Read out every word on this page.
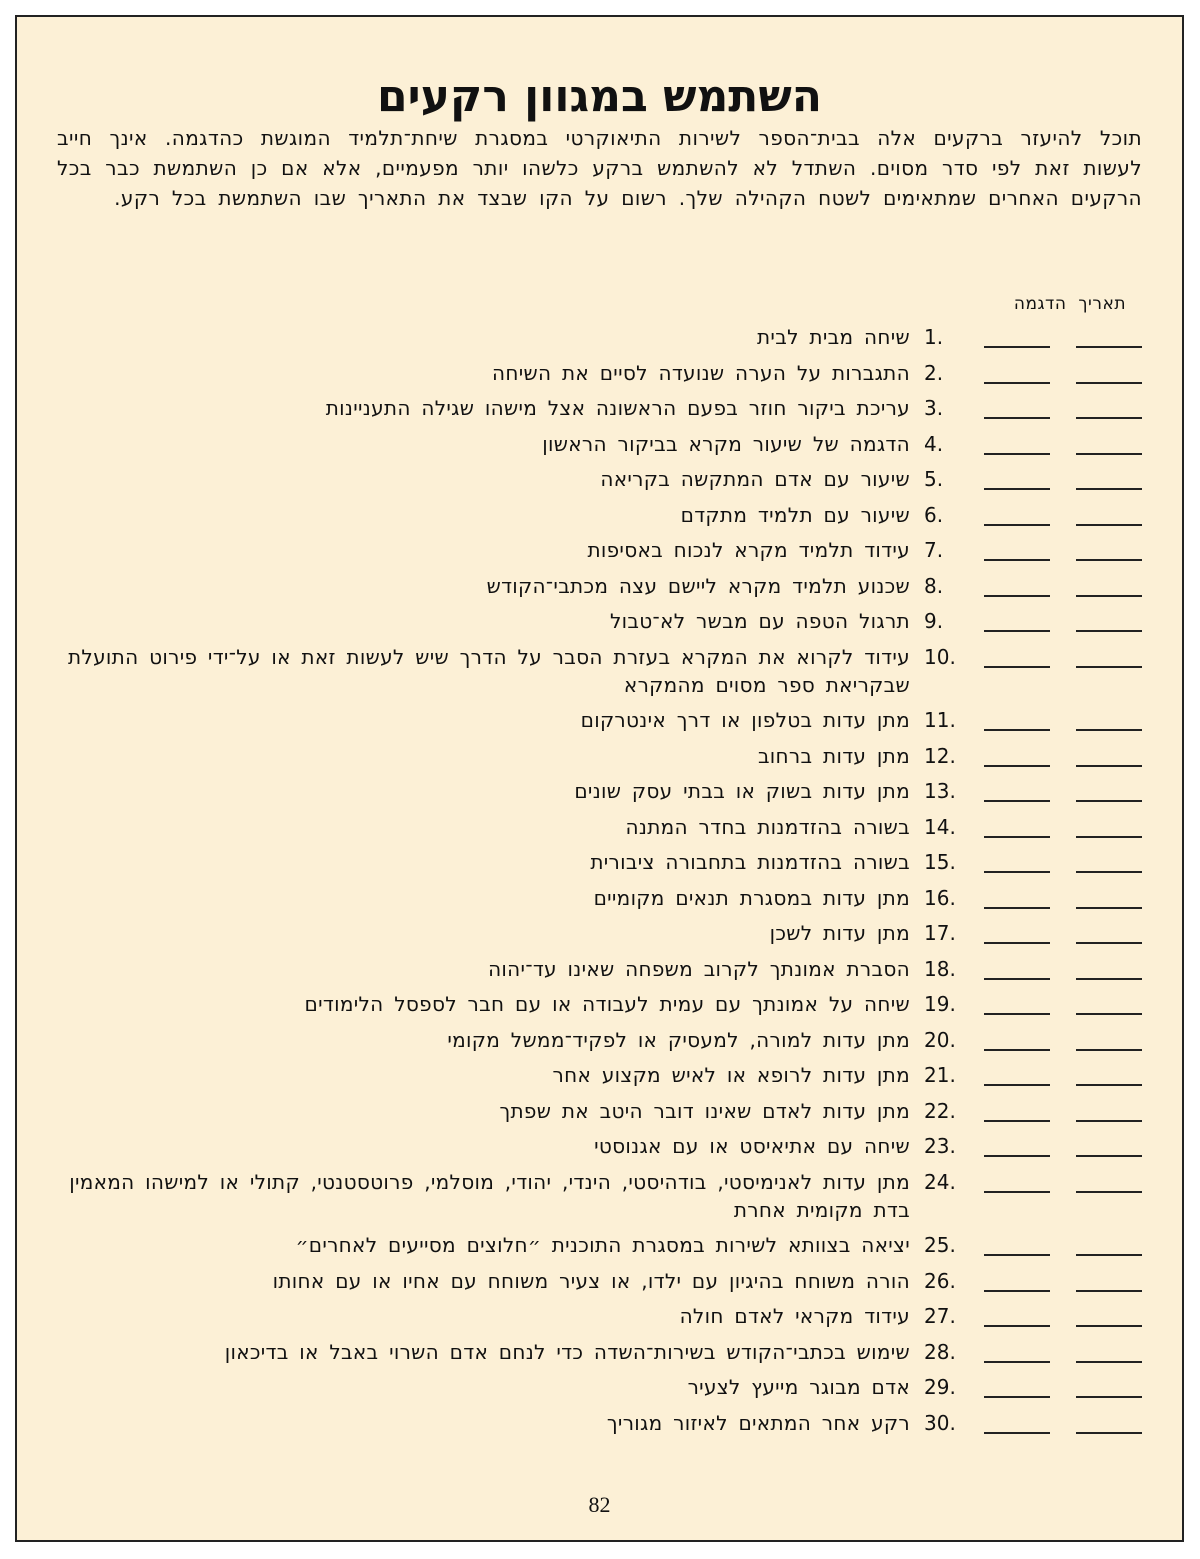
השתמש במגוון רקעים

תוכל להיעזר ברקעים אלה בבית־הספר לשירות התיאוקרטי במסגרת שיחת־תלמיד המוגשת כהדגמה. אינך חייב לעשות זאת לפי סדר מסוים. השתדל לא להשתמש ברקע כלשהו יותר מפעמיים, אלא אם כן השתמשת כבר בכל הרקעים האחרים שמתאימים לשטח הקהילה שלך. רשום על הקו שבצד את התאריך שבו השתמשת בכל רקע.

תאריך
הדגמה
1.
שיחה מבית לבית
2.
התגברות על הערה שנועדה לסיים את השיחה
3.
עריכת ביקור חוזר בפעם הראשונה אצל מישהו שגילה התעניינות
4.
הדגמה של שיעור מקרא בביקור הראשון
5.
שיעור עם אדם המתקשה בקריאה
6.
שיעור עם תלמיד מתקדם
7.
עידוד תלמיד מקרא לנכוח באסיפות
8.
שכנוע תלמיד מקרא ליישם עצה מכתבי־הקודש
9.
תרגול הטפה עם מבשר לא־טבול
10.
עידוד לקרוא את המקרא בעזרת הסבר על הדרך שיש לעשות זאת או על־ידי פירוט התועלת שבקריאת ספר מסוים מהמקרא
11.
מתן עדות בטלפון או דרך אינטרקום
12.
מתן עדות ברחוב
13.
מתן עדות בשוק או בבתי עסק שונים
14.
בשורה בהזדמנות בחדר המתנה
15.
בשורה בהזדמנות בתחבורה ציבורית
16.
מתן עדות במסגרת תנאים מקומיים
17.
מתן עדות לשכן
18.
הסברת אמונתך לקרוב משפחה שאינו עד־יהוה
19.
שיחה על אמונתך עם עמית לעבודה או עם חבר לספסל הלימודים
20.
מתן עדות למורה, למעסיק או לפקיד־ממשל מקומי
21.
מתן עדות לרופא או לאיש מקצוע אחר
22.
מתן עדות לאדם שאינו דובר היטב את שפתך
23.
שיחה עם אתיאיסט או עם אגנוסטי
24.
מתן עדות לאנימיסטי, בודהיסטי, הינדי, יהודי, מוסלמי, פרוטסטנטי, קתולי או למישהו המאמין בדת מקומית אחרת
25.
יציאה בצוותא לשירות במסגרת התוכנית ״חלוצים מסייעים לאחרים״
26.
הורה משוחח בהיגיון עם ילדו, או צעיר משוחח עם אחיו או עם אחותו
27.
עידוד מקראי לאדם חולה
28.
שימוש בכתבי־הקודש בשירות־השדה כדי לנחם אדם השרוי באבל או בדיכאון
29.
אדם מבוגר מייעץ לצעיר
30.
רקע אחר המתאים לאיזור מגוריך
82
